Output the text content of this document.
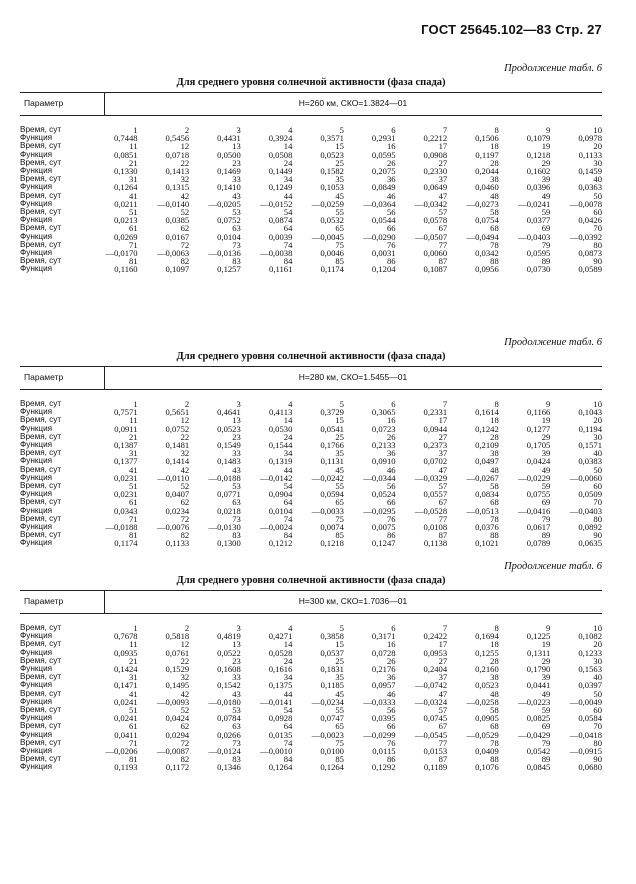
ГОСТ 25645.102—83 Стр. 27
Продолжение табл. 6
Для среднего уровня солнечной активности (фаза спада)
Параметр	Н=260 км, СКО=1.3824—01
Время, сут	1	2	3	4	5	6	7	8	9	10
Функция	0,7448	0,5456	0,4431	0,3924	0,3571	0,2931	0,2212	0,1506	0,1079	0,0978
Время, сут	11	12	13	14	15	16	17	18	19	20
Функция	0,0851	0,0718	0,0500	0,0508	0,0523	0,0595	0,0908	0,1197	0,1218	0,1133
Время, сут	21	22	23	24	25	26	27	28	29	30
Функция	0,1330	0,1413	0,1469	0,1449	0,1582	0,2075	0,2330	0,2044	0,1602	0,1459
Время, сут	31	32	33	34	35	36	37	38	39	40
Функция	0,1264	0,1315	0,1410	0,1249	0,1053	0,0849	0,0649	0,0460	0,0396	0,0363
Время, сут	41	42	43	44	45	46	47	48	49	50
Функция	0,0211	—0,0140	—0,0205	—0,0152	—0,0259	—0,0364	—0,0342	—0,0273	—0,0241	—0,0078
Время, сут	51	52	53	54	55	56	57	58	59	60
Функция	0,0213	0,0385	0,0752	0,0874	0,0532	0,0544	0,0578	0,0754	0,0377	0,0426
Время, сут	61	62	63	64	65	66	67	68	69	70
Функция	0,0269	0,0167	0,0104	0,0039	—0,0045	—0,0290	—0,0507	—0,0494	—0,0403	—0,0392
Время, сут	71	72	73	74	75	76	77	78	79	80
Функция	—0,0170	—0,0063	—0,0136	—0,0038	0,0046	0,0031	0,0060	0,0342	0,0595	0,0873
Время, сут	81	82	83	84	85	86	87	88	89	90
Функция	0,1160	0,1097	0,1257	0,1161	0,1174	0,1204	0,1087	0,0956	0,0730	0,0589
Продолжение табл. 6
Для среднего уровня солнечной активности (фаза спада)
Параметр	Н=280 км, СКО=1.5455—01
Время, сут	1	2	3	4	5	6	7	8	9	10
Функция	0,7571	0,5651	0,4641	0,4113	0,3729	0,3065	0,2331	0,1614	0,1166	0,1043
Время, сут	11	12	13	14	15	16	17	18	19	20
Функция	0,0911	0,0752	0,0523	0,0530	0,0541	0,0723	0,0944	0,1242	0,1277	0,1194
Время, сут	21	22	23	24	25	26	27	28	29	30
Функция	0,1387	0,1481	0,1549	0,1544	0,1766	0,2133	0,2373	0,2109	0,1705	0,1571
Время, сут	31	32	33	34	35	36	37	38	39	40
Функция	0,1377	0,1414	0,1483	0,1319	0,1131	0,0910	0,0702	0,0497	0,0424	0,0383
Время, сут	41	42	43	44	45	46	47	48	49	50
Функция	0,0231	—0,0110	—0,0188	—0,0142	—0,0242	—0,0344	—0,0329	—0,0267	—0,0229	—0,0060
Время, сут	51	52	53	54	55	56	57	58	59	60
Функция	0,0231	0,0407	0,0771	0,0904	0,0594	0,0524	0,0557	0,0834	0,0755	0,0509
Время, сут	61	62	63	64	65	66	67	68	69	70
Функция	0,0343	0,0234	0,0218	0,0104	—0,0033	—0,0295	—0,0528	—0,0513	—0,0416	—0,0403
Время, сут	71	72	73	74	75	76	77	78	79	80
Функция	—0,0188	—0,0076	—0,0130	—0,0024	0,0074	0,0075	0,0108	0,0376	0,0617	0,0892
Время, сут	81	82	83	84	85	86	87	88	89	90
Функция	0,1174	0,1133	0,1300	0,1212	0,1218	0,1247	0,1138	0,1021	0,0789	0,0635
Продолжение табл. 6
Для среднего уровня солнечной активности (фаза спада)
Параметр	Н=300 км, СКО=1.7036—01
Время, сут	1	2	3	4	5	6	7	8	9	10
Функция	0,7678	0,5818	0,4819	0,4271	0,3858	0,3171	0,2422	0,1694	0,1225	0,1082
Время, сут	11	12	13	14	15	16	17	18	19	20
Функция	0,0935	0,0761	0,0522	0,0528	0,0537	0,0728	0,0953	0,1255	0,1311	0,1233
Время, сут	21	22	23	24	25	26	27	28	29	30
Функция	0,1424	0,1529	0,1608	0,1616	0,1831	0,2176	0,2404	0,2160	0,1790	0,1563
Время, сут	31	32	33	34	35	36	37	38	39	40
Функция	0,1471	0,1495	0,1542	0,1375	0,1185	0,0957	—0,0742	0,0523	0,0441	0,0397
Время, сут	41	42	43	44	45	46	47	48	49	50
Функция	0,0241	—0,0093	—0,0180	—0,0141	—0,0234	—0,0333	—0,0324	—0,0258	—0,0223	—0,0049
Время, сут	51	52	53	54	55	56	57	58	59	60
Функция	0,0241	0,0424	0,0784	0,0928	0,0747	0,0395	0,0745	0,0905	0,0825	0,0584
Время, сут	61	62	63	64	65	66	67	68	69	70
Функция	0,0411	0,0294	0,0266	0,0135	—0,0023	—0,0299	—0,0545	—0,0529	—0,0429	—0,0418
Время, сут	71	72	73	74	75	76	77	78	79	80
Функция	—0,0206	—0,0087	—0,0124	—0,0010	0,0100	0,0115	0,0153	0,0409	0,0542	—0,0915
Время, сут	81	82	83	84	85	86	87	88	89	90
Функция	0,1193	0,1172	0,1346	0,1264	0,1264	0,1292	0,1189	0,1076	0,0845	0,0680
